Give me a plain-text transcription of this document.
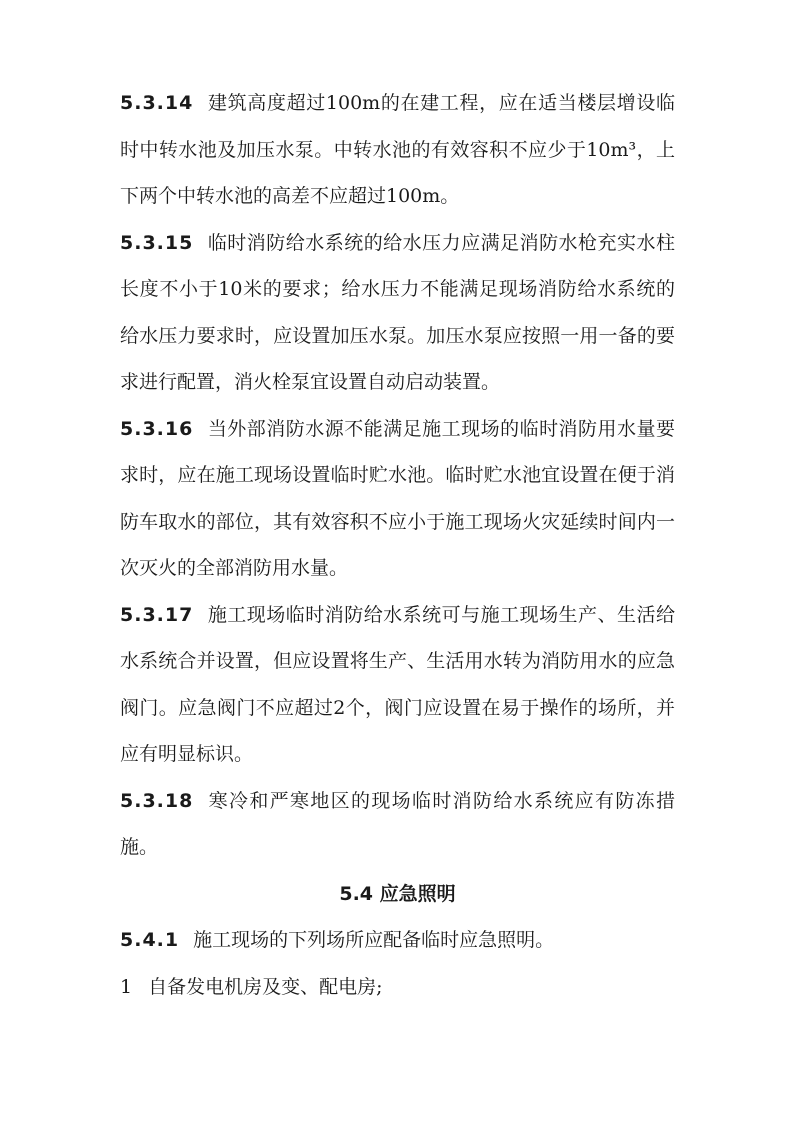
5.3.14 建筑高度超过100m的在建工程，应在适当楼层增设临时中转水池及加压水泵。中转水池的有效容积不应少于10m³，上下两个中转水池的高差不应超过100m。

5.3.15 临时消防给水系统的给水压力应满足消防水枪充实水柱长度不小于10米的要求；给水压力不能满足现场消防给水系统的给水压力要求时，应设置加压水泵。加压水泵应按照一用一备的要求进行配置，消火栓泵宜设置自动启动装置。

5.3.16 当外部消防水源不能满足施工现场的临时消防用水量要求时，应在施工现场设置临时贮水池。临时贮水池宜设置在便于消防车取水的部位，其有效容积不应小于施工现场火灾延续时间内一次灭火的全部消防用水量。

5.3.17 施工现场临时消防给水系统可与施工现场生产、生活给水系统合并设置，但应设置将生产、生活用水转为消防用水的应急阀门。应急阀门不应超过2个，阀门应设置在易于操作的场所，并应有明显标识。

5.3.18 寒冷和严寒地区的现场临时消防给水系统应有防冻措施。

5.4 应急照明

5.4.1 施工现场的下列场所应配备临时应急照明。

1 自备发电机房及变、配电房;
